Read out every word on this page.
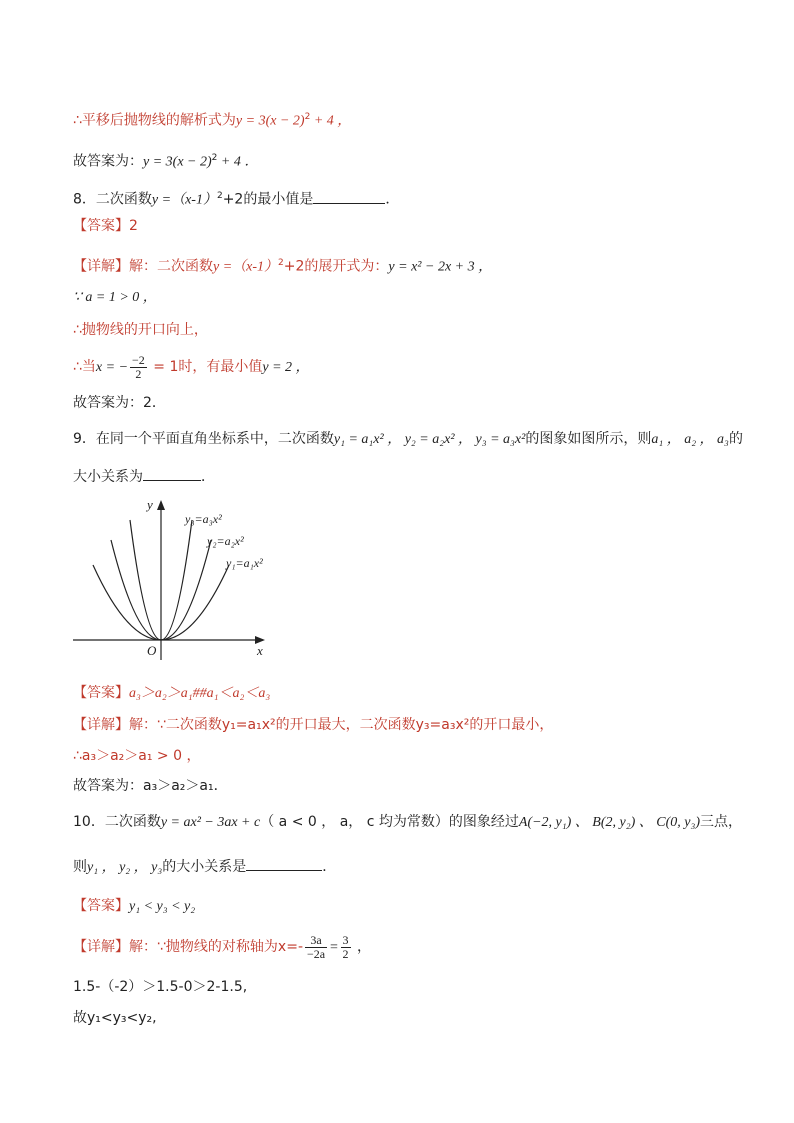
∴平移后抛物线的解析式为$y = 3(x - 2)^2 + 4$ ，
故答案为：$y = 3(x - 2)^2 + 4$ ．
8．二次函数$y =(x-1)^2+2$的最小值是	．
【答案】2
【详解】解：二次函数$y =(x-1)^2+2$的展开式为：y = x² − 2x + 3 ，
∵ a = 1 > 0 ，
∴抛物线的开口向上，
∴当x = − $\frac{-2}{2} = 1$时，有最小值y = 2 ，
故答案为：2．
9．在同一个平面直角坐标系中，二次函数y₁ = a₁x² ， y₂ = a₂x² ， y₃ = a₃x²的图象如图所示，则a₁ ， a₂ ， a₃的
大小关系为	．
y
x
O
y₃=a₃x²
y₂=a₂x²
y₁=a₁x²
【答案】a₃＞a₂＞a₁##a₁＜a₂＜a₃
【详解】解：∵二次函数y₁=a₁x²的开口最大，二次函数y₃=a₃x²的开口最小，
∴a₃＞a₂＞a₁ > 0 ，
故答案为：a₃＞a₂＞a₁．
10．二次函数y = ax² − 3ax + c（ a < 0 ， a， c 均为常数）的图象经过A(−2, y₁) 、 B(2, y₂) 、 C(0, y₃)三点，
则y₁ ， y₂ ， y₃的大小关系是	．
【答案】y₁ < y₃ < y₂
【详解】解：∵抛物线的对称轴为$x=- \frac{3a}{-2a} = \frac{3}{2}$ ，
1.5-（-2）＞1.5-0＞2-1.5,
故y₁<y₃<y₂,
